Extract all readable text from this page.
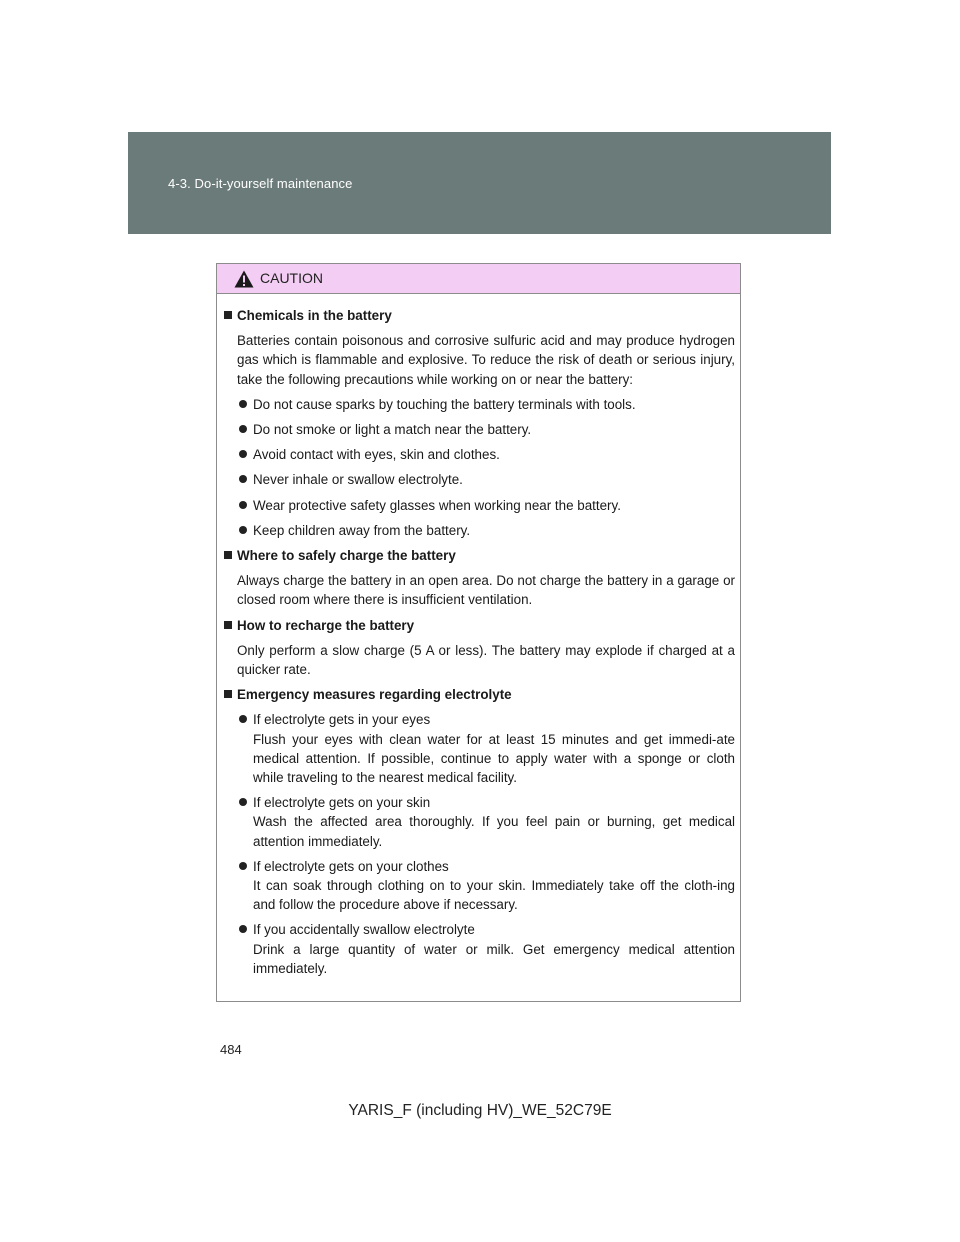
4-3. Do-it-yourself maintenance
CAUTION

Chemicals in the battery

Batteries contain poisonous and corrosive sulfuric acid and may produce hydrogen gas which is flammable and explosive. To reduce the risk of death or serious injury, take the following precautions while working on or near the battery:

Do not cause sparks by touching the battery terminals with tools.

Do not smoke or light a match near the battery.

Avoid contact with eyes, skin and clothes.

Never inhale or swallow electrolyte.

Wear protective safety glasses when working near the battery.

Keep children away from the battery.

Where to safely charge the battery

Always charge the battery in an open area. Do not charge the battery in a garage or closed room where there is insufficient ventilation.

How to recharge the battery

Only perform a slow charge (5 A or less). The battery may explode if charged at a quicker rate.

Emergency measures regarding electrolyte

If electrolyte gets in your eyes
Flush your eyes with clean water for at least 15 minutes and get immedi-ate medical attention. If possible, continue to apply water with a sponge or cloth while traveling to the nearest medical facility.
If electrolyte gets on your skin
Wash the affected area thoroughly. If you feel pain or burning, get medical attention immediately.
If electrolyte gets on your clothes
It can soak through clothing on to your skin. Immediately take off the cloth-ing and follow the procedure above if necessary.
If you accidentally swallow electrolyte
Drink a large quantity of water or milk. Get emergency medical attention immediately.
484
YARIS_F (including HV)_WE_52C79E
